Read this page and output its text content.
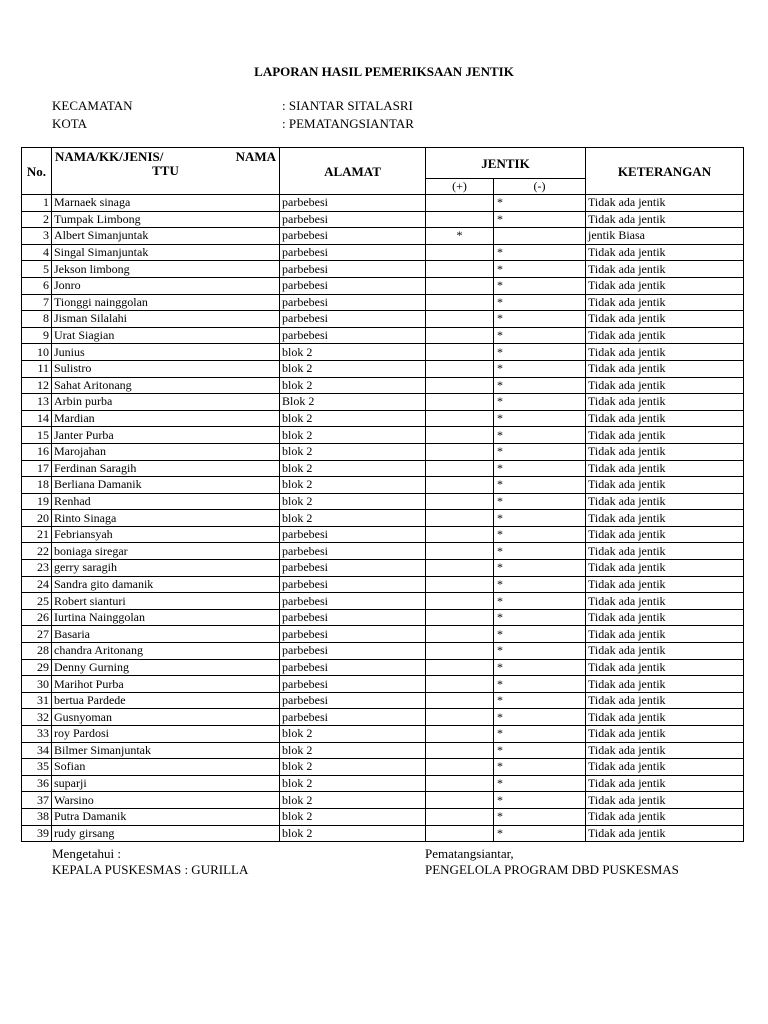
LAPORAN HASIL PEMERIKSAAN JENTIK
KECAMATAN	: SIANTAR SITALASRI
KOTA	: PEMATANGSIANTAR
No.	NAMA/KK/JENIS/ NAMA
TTU	ALAMAT	JENTIK		KETERANGAN
			(+)	(-)	
1	Marnaek sinaga	parbebesi		*	Tidak ada jentik
2	Tumpak Limbong	parbebesi		*	Tidak ada jentik
3	Albert Simanjuntak	parbebesi	*		jentik Biasa
4	Singal Simanjuntak	parbebesi		*	Tidak ada jentik
5	Jekson limbong	parbebesi		*	Tidak ada jentik
6	Jonro	parbebesi		*	Tidak ada jentik
7	Tionggi nainggolan	parbebesi		*	Tidak ada jentik
8	Jisman Silalahi	parbebesi		*	Tidak ada jentik
9	Urat Siagian	parbebesi		*	Tidak ada jentik
10	Junius	blok 2		*	Tidak ada jentik
11	Sulistro	blok 2		*	Tidak ada jentik
12	Sahat Aritonang	blok 2		*	Tidak ada jentik
13	Arbin purba	Blok 2		*	Tidak ada jentik
14	Mardian	blok 2		*	Tidak ada jentik
15	Janter Purba	blok 2		*	Tidak ada jentik
16	Marojahan	blok 2		*	Tidak ada jentik
17	Ferdinan Saragih	blok 2		*	Tidak ada jentik
18	Berliana Damanik	blok 2		*	Tidak ada jentik
19	Renhad	blok 2		*	Tidak ada jentik
20	Rinto Sinaga	blok 2		*	Tidak ada jentik
21	Febriansyah	parbebesi		*	Tidak ada jentik
22	boniaga siregar	parbebesi		*	Tidak ada jentik
23	gerry saragih	parbebesi		*	Tidak ada jentik
24	Sandra gito damanik	parbebesi		*	Tidak ada jentik
25	Robert sianturi	parbebesi		*	Tidak ada jentik
26	Iurtina Nainggolan	parbebesi		*	Tidak ada jentik
27	Basaria	parbebesi		*	Tidak ada jentik
28	chandra Aritonang	parbebesi		*	Tidak ada jentik
29	Denny Gurning	parbebesi		*	Tidak ada jentik
30	Marihot Purba	parbebesi		*	Tidak ada jentik
31	bertua Pardede	parbebesi		*	Tidak ada jentik
32	Gusnyoman	parbebesi		*	Tidak ada jentik
33	roy Pardosi	blok 2		*	Tidak ada jentik
34	Bilmer Simanjuntak	blok 2		*	Tidak ada jentik
35	Sofian	blok 2		*	Tidak ada jentik
36	suparji	blok 2		*	Tidak ada jentik
37	Warsino	blok 2		*	Tidak ada jentik
38	Putra Damanik	blok 2		*	Tidak ada jentik
39	rudy girsang	blok 2		*	Tidak ada jentik
Mengetahui :
KEPALA PUSKESMAS : GURILLA
Pematangsiantar,
PENGELOLA PROGRAM DBD PUSKESMAS
